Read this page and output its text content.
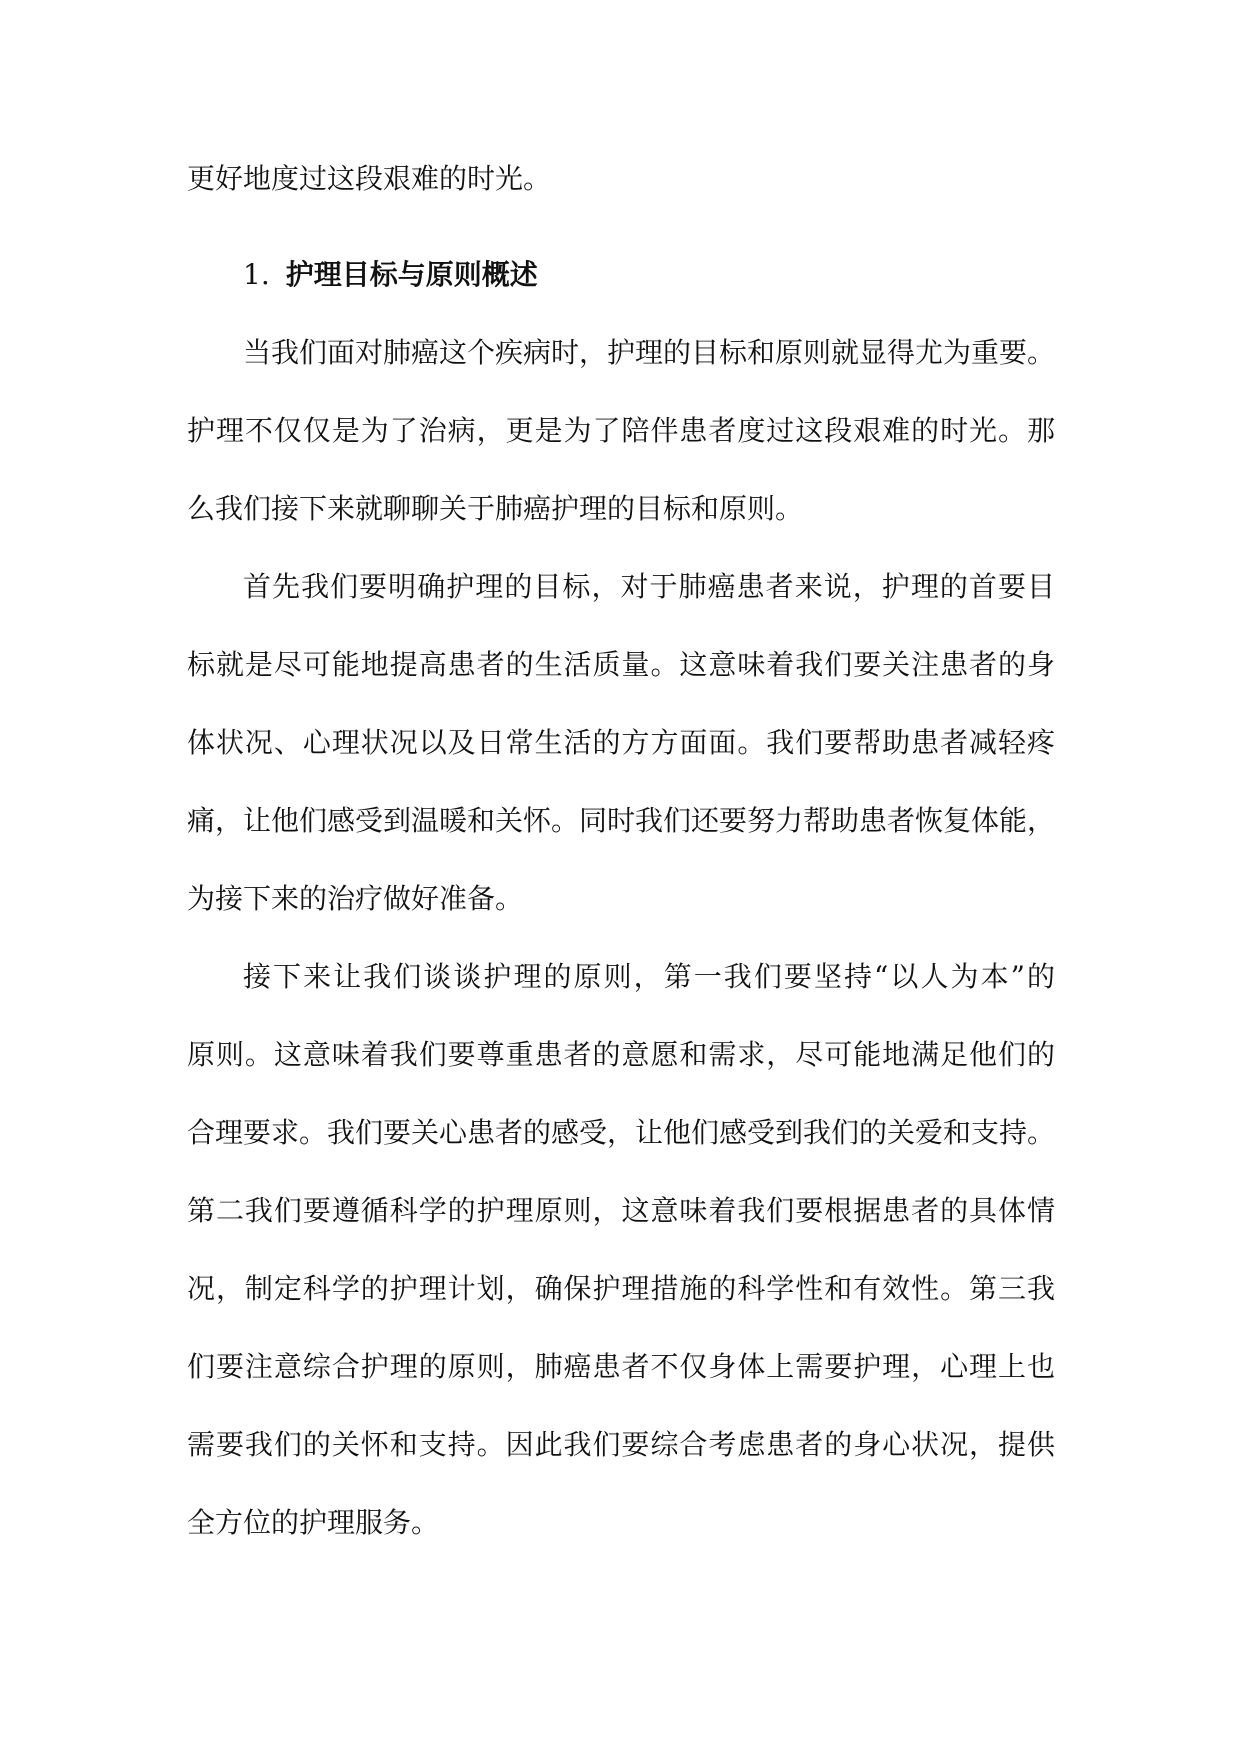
更好地度过这段艰难的时光。
1. 护理目标与原则概述
当我们面对肺癌这个疾病时，护理的目标和原则就显得尤为重要。
护理不仅仅是为了治病，更是为了陪伴患者度过这段艰难的时光。那
么我们接下来就聊聊关于肺癌护理的目标和原则。
首先我们要明确护理的目标，对于肺癌患者来说，护理的首要目
标就是尽可能地提高患者的生活质量。这意味着我们要关注患者的身
体状况、心理状况以及日常生活的方方面面。我们要帮助患者减轻疼
痛，让他们感受到温暖和关怀。同时我们还要努力帮助患者恢复体能，
为接下来的治疗做好准备。
接下来让我们谈谈护理的原则，第一我们要坚持“以人为本”的
原则。这意味着我们要尊重患者的意愿和需求，尽可能地满足他们的
合理要求。我们要关心患者的感受，让他们感受到我们的关爱和支持。
第二我们要遵循科学的护理原则，这意味着我们要根据患者的具体情
况，制定科学的护理计划，确保护理措施的科学性和有效性。第三我
们要注意综合护理的原则，肺癌患者不仅身体上需要护理，心理上也
需要我们的关怀和支持。因此我们要综合考虑患者的身心状况，提供
全方位的护理服务。
